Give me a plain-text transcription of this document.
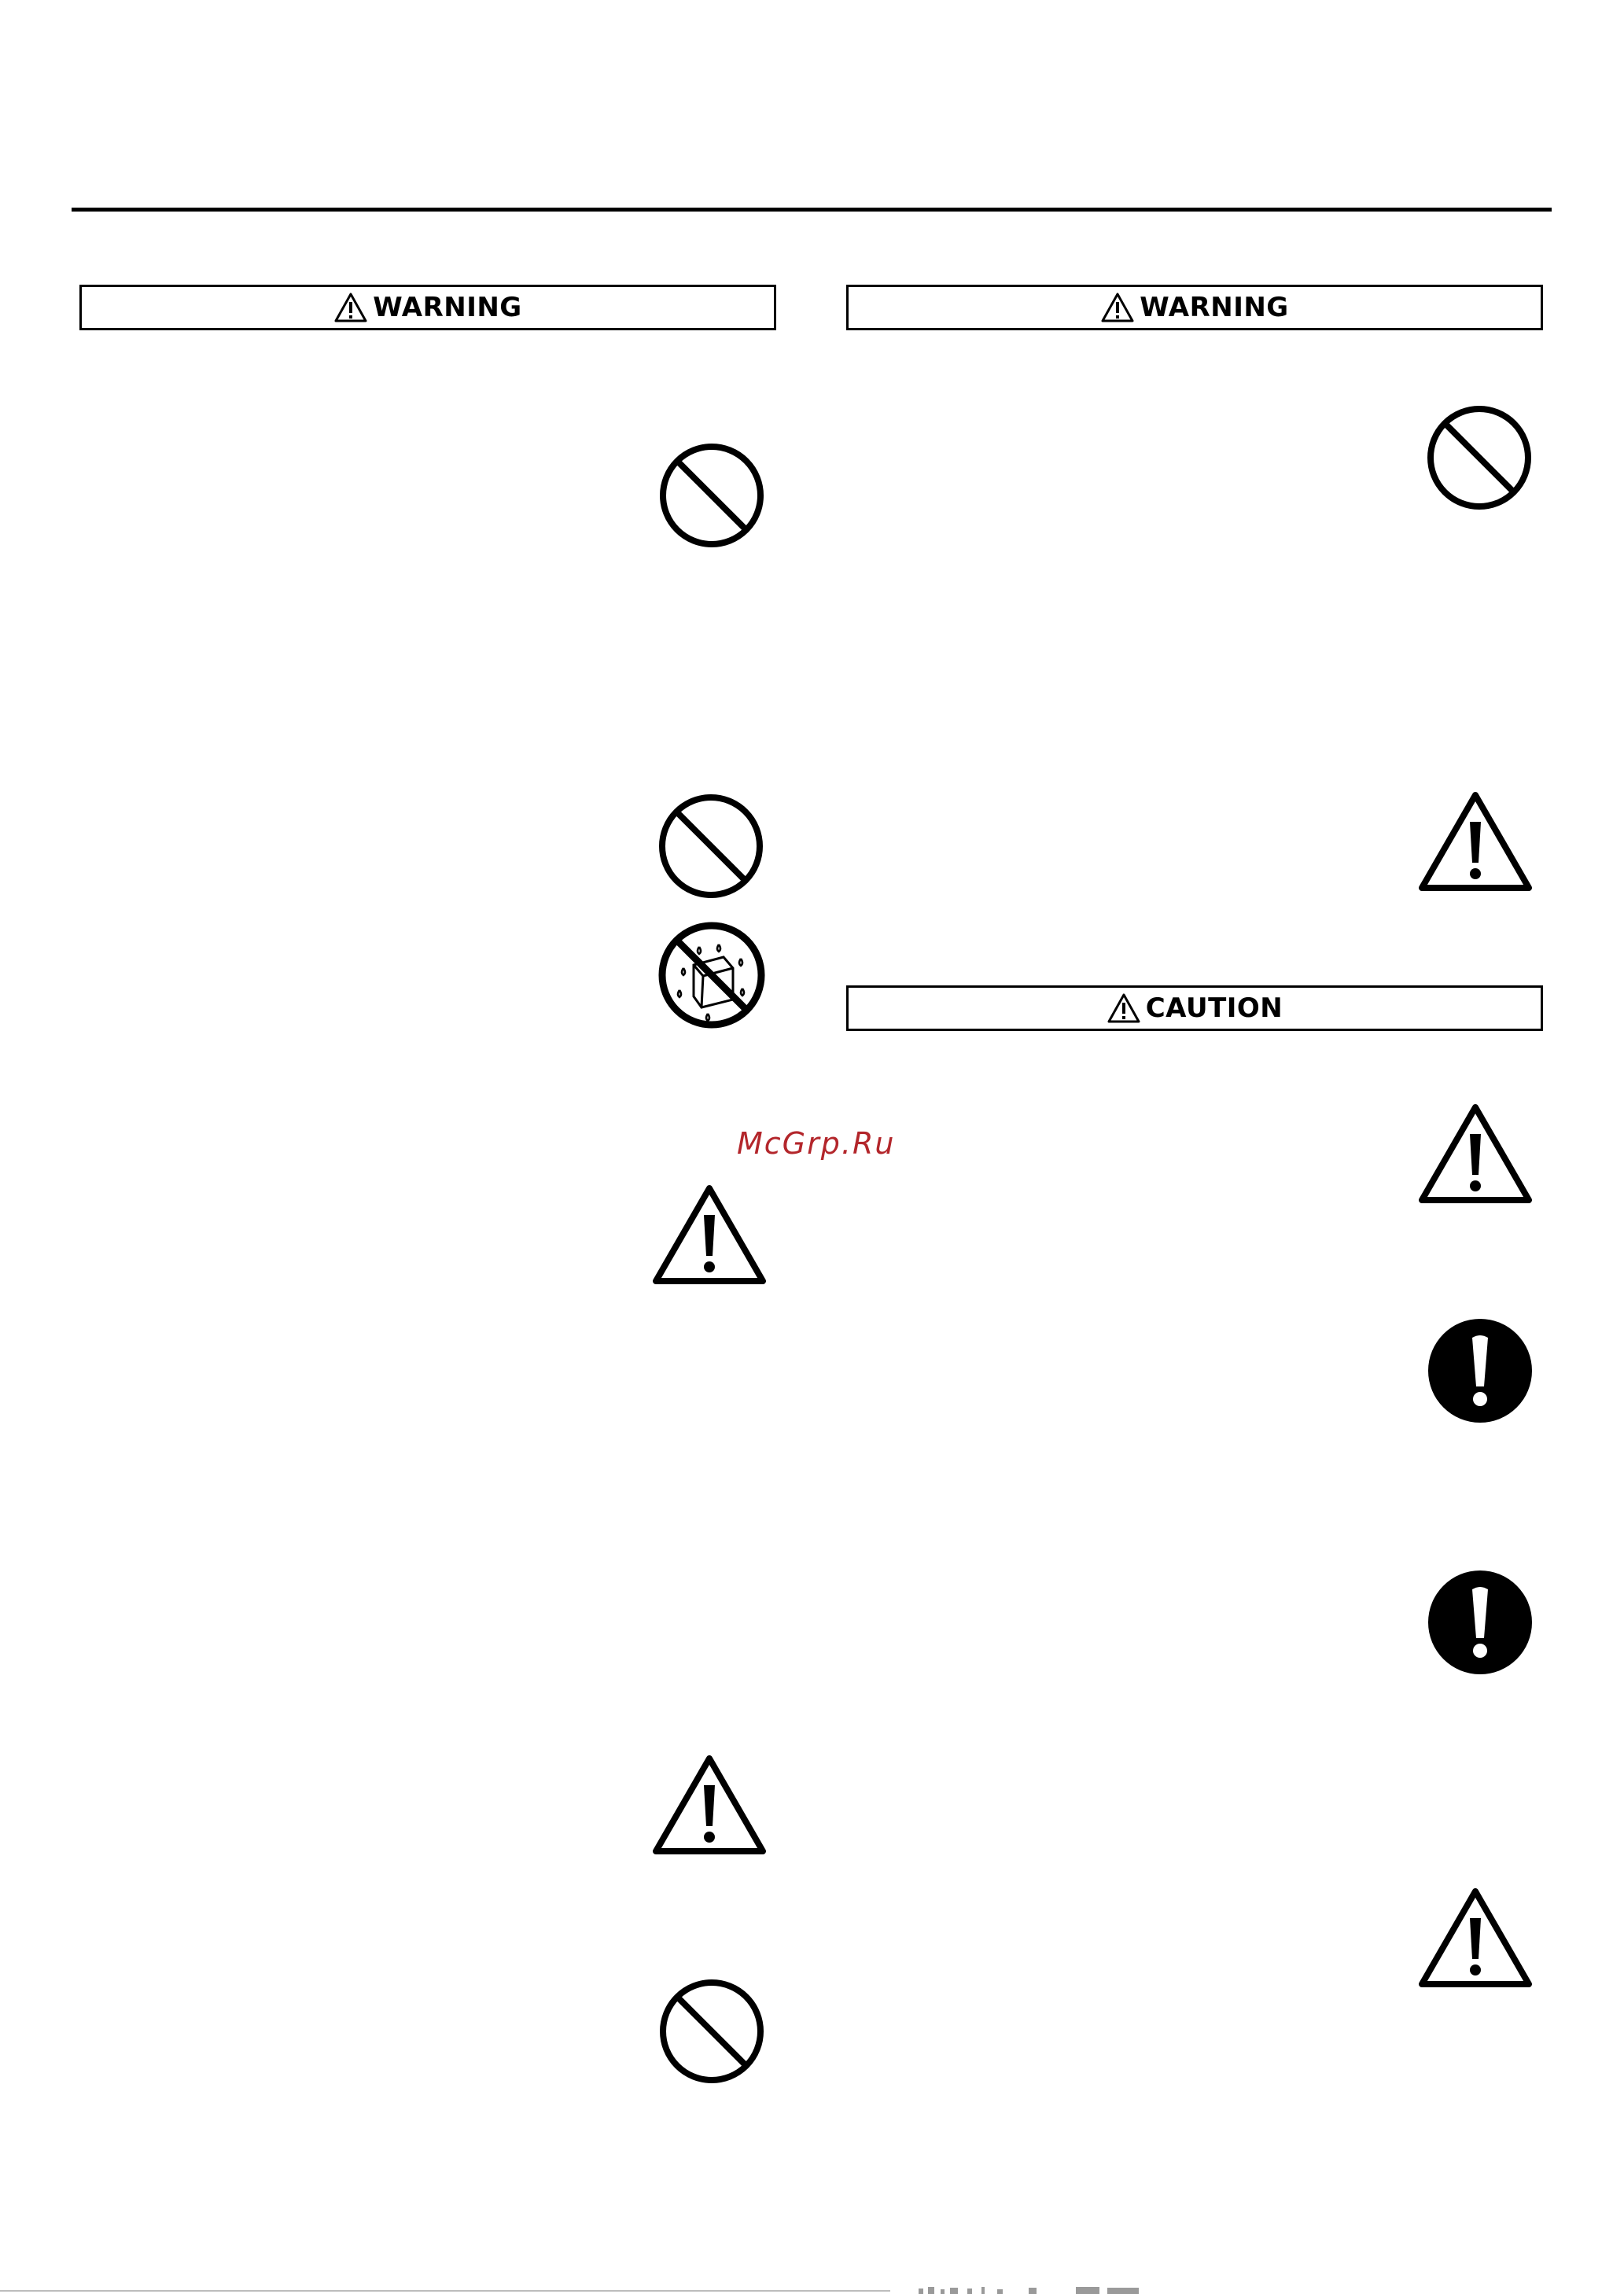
WARNING	WARNING
CAUTION
McGrp.Ru
